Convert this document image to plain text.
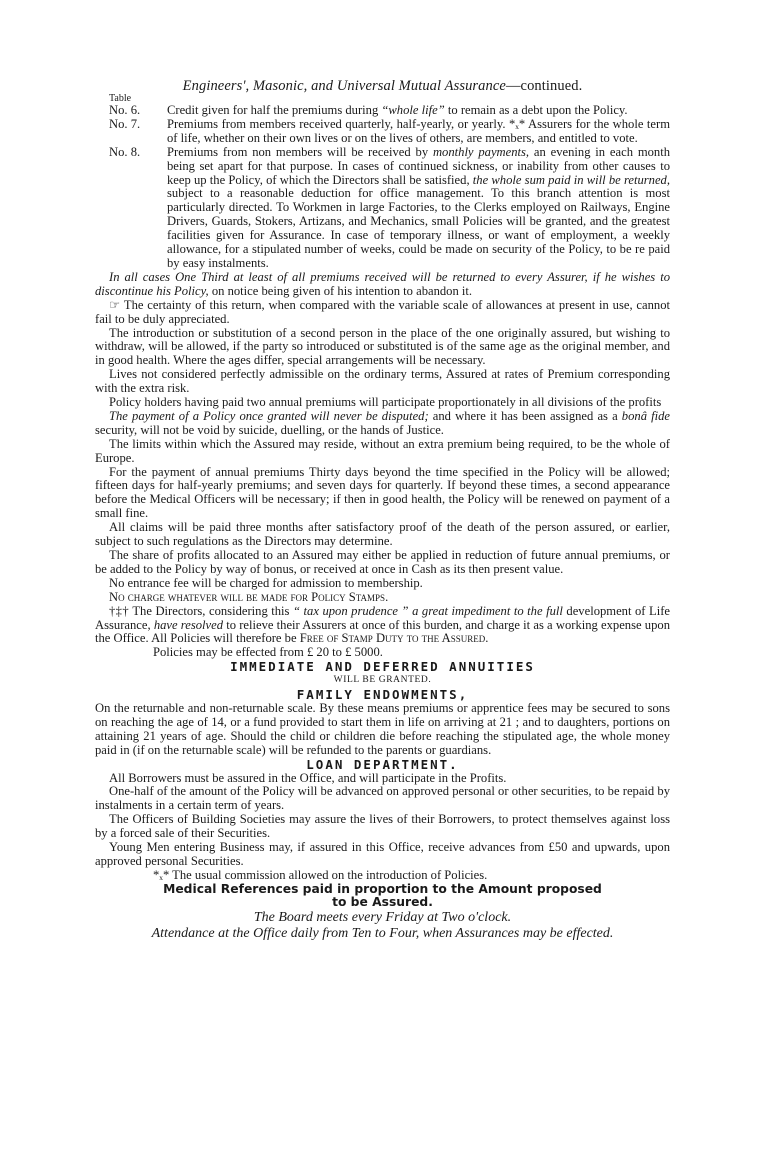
Engineers', Masonic, and Universal Mutual Assurance—continued.
Table
No. 6.	Credit given for half the premiums during “whole life” to remain as a debt upon the Policy.
No. 7.	Premiums from members received quarterly, half-yearly, or yearly. *ₓ* Assurers for the whole term of life, whether on their own lives or on the lives of others, are members, and entitled to vote.
No. 8.	Premiums from non members will be received by monthly payments, an evening in each month being set apart for that purpose. In cases of continued sickness, or inability from other causes to keep up the Policy, of which the Directors shall be satisfied, the whole sum paid in will be returned, subject to a reasonable deduction for office management. To this branch attention is most particularly directed. To Workmen in large Factories, to the Clerks employed on Railways, Engine Drivers, Guards, Stokers, Artizans, and Mechanics, small Policies will be granted, and the greatest facilities given for Assurance. In case of temporary illness, or want of employment, a weekly allowance, for a stipulated number of weeks, could be made on security of the Policy, to be re paid by easy instalments.

In all cases One Third at least of all premiums received will be returned to every Assurer, if he wishes to discontinue his Policy, on notice being given of his intention to abandon it.

☞ The certainty of this return, when compared with the variable scale of allowances at present in use, cannot fail to be duly appreciated.

The introduction or substitution of a second person in the place of the one originally assured, but wishing to withdraw, will be allowed, if the party so introduced or substituted is of the same age as the original member, and in good health. Where the ages differ, special arrangements will be necessary.

Lives not considered perfectly admissible on the ordinary terms, Assured at rates of Premium corresponding with the extra risk.

Policy holders having paid two annual premiums will participate proportionately in all divisions of the profits

The payment of a Policy once granted will never be disputed; and where it has been assigned as a bonâ fide security, will not be void by suicide, duelling, or the hands of Justice.

The limits within which the Assured may reside, without an extra premium being required, to be the whole of Europe.

For the payment of annual premiums Thirty days beyond the time specified in the Policy will be allowed; fifteen days for half-yearly premiums; and seven days for quarterly. If beyond these times, a second appearance before the Medical Officers will be necessary; if then in good health, the Policy will be renewed on payment of a small fine.

All claims will be paid three months after satisfactory proof of the death of the person assured, or earlier, subject to such regulations as the Directors may determine.

The share of profits allocated to an Assured may either be applied in reduction of future annual premiums, or be added to the Policy by way of bonus, or received at once in Cash as its then present value.

No entrance fee will be charged for admission to membership.

No charge whatever will be made for Policy Stamps.

†‡† The Directors, considering this “ tax upon prudence ” a great impediment to the full development of Life Assurance, have resolved to relieve their Assurers at once of this burden, and charge it as a working expense upon the Office. All Policies will therefore be Free of Stamp Duty to the Assured.

Policies may be effected from £ 20 to £ 5000.

IMMEDIATE AND DEFERRED ANNUITIES
WILL BE GRANTED.
FAMILY ENDOWMENTS,

On the returnable and non-returnable scale. By these means premiums or apprentice fees may be secured to sons on reaching the age of 14, or a fund provided to start them in life on arriving at 21 ; and to daughters, portions on attaining 21 years of age. Should the child or children die before reaching the stipulated age, the whole money paid in (if on the returnable scale) will be refunded to the parents or guardians.

LOAN DEPARTMENT.

All Borrowers must be assured in the Office, and will participate in the Profits.

One-half of the amount of the Policy will be advanced on approved personal or other securities, to be repaid by instalments in a certain term of years.

The Officers of Building Societies may assure the lives of their Borrowers, to protect themselves against loss by a forced sale of their Securities.

Young Men entering Business may, if assured in this Office, receive advances from £50 and upwards, upon approved personal Securities.

*ₓ* The usual commission allowed on the introduction of Policies.

Medical References paid in proportion to the Amount proposed
to be Assured.
The Board meets every Friday at Two o'clock.
Attendance at the Office daily from Ten to Four, when Assurances may be effected.
